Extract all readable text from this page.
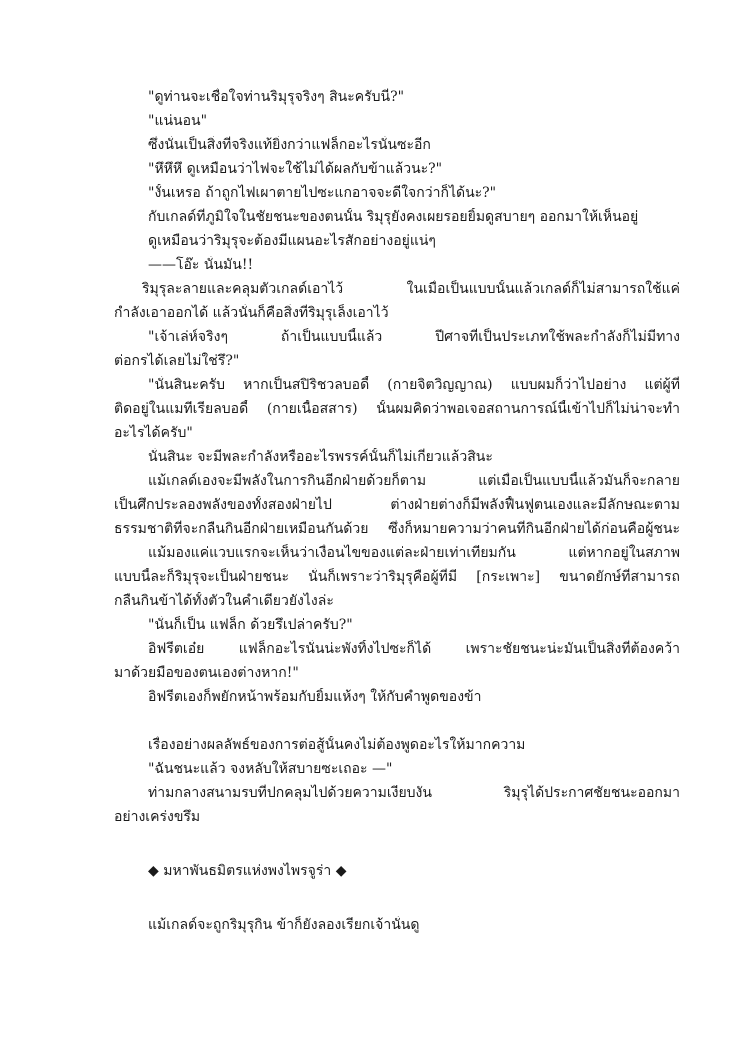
"ดูท่านจะเชื่อใจท่านริมุรุจริงๆ สินะครับนี่?"
"แน่นอน"
ซึ่งนั่นเป็นสิ่งที่จริงแท้ยิ่งกว่าแฟล็กอะไรนั่นซะอีก
"หึหึหึ ดูเหมือนว่าไฟจะใช้ไม่ได้ผลกับข้าแล้วนะ?"
"งั้นเหรอ ถ้าถูกไฟเผาตายไปซะแกอาจจะดีใจกว่าก็ได้นะ?"
กับเกลด์ที่ภูมิใจในชัยชนะของตนนั้น ริมุรุยังคงเผยรอยยิ้มดูสบายๆ ออกมาให้เห็นอยู่
ดูเหมือนว่าริมุรุจะต้องมีแผนอะไรสักอย่างอยู่แน่ๆ
——โอ๊ะ นั่นมัน!!
ริมุรุละลายและคลุมตัวเกลด์เอาไว้ ในเมื่อเป็นแบบนั้นแล้วเกลด์ก็ไม่สามารถใช้แค่
กำลังเอาออกได้ แล้วนั่นก็คือสิ่งที่ริมุรุเล็งเอาไว้
"เจ้าเล่ห์จริงๆ ถ้าเป็นแบบนี้แล้ว ปีศาจที่เป็นประเภทใช้พละกำลังก็ไม่มีทาง
ต่อกรได้เลยไม่ใช่รึ?"
"นั่นสินะครับ หากเป็นสปิริชวลบอดี้ (กายจิตวิญญาณ) แบบผมก็ว่าไปอย่าง แต่ผู้ที่
ติดอยู่ในแมทีเรียลบอดี้ (กายเนื้อสสาร) นั้นผมคิดว่าพอเจอสถานการณ์นี้เข้าไปก็ไม่น่าจะทำ
อะไรได้ครับ"
นั่นสินะ จะมีพละกำลังหรืออะไรพรรค์นั้นก็ไม่เกี่ยวแล้วสินะ
แม้เกลด์เองจะมีพลังในการกินอีกฝ่ายด้วยก็ตาม แต่เมื่อเป็นแบบนี้แล้วมันก็จะกลาย
เป็นศึกประลองพลังของทั้งสองฝ่ายไป ต่างฝ่ายต่างก็มีพลังฟื้นฟูตนเองและมีลักษณะตาม
ธรรมชาติที่จะกลืนกินอีกฝ่ายเหมือนกันด้วย ซึ่งก็หมายความว่าคนที่กินอีกฝ่ายได้ก่อนคือผู้ชนะ
แม้มองแค่แวบแรกจะเห็นว่าเงื่อนไขของแต่ละฝ่ายเท่าเทียมกัน แต่หากอยู่ในสภาพ
แบบนี้ละก็ริมุรุจะเป็นฝ่ายชนะ นั่นก็เพราะว่าริมุรุคือผู้ที่มี [กระเพาะ] ขนาดยักษ์ที่สามารถ
กลืนกินข้าได้ทั้งตัวในคำเดียวยังไงล่ะ
"นั่นก็เป็น แฟล็ก ด้วยรึเปล่าครับ?"
อิฟรีตเอ๋ย แฟล็กอะไรนั่นน่ะพังทิ้งไปซะก็ได้ เพราะชัยชนะน่ะมันเป็นสิ่งที่ต้องคว้า
มาด้วยมือของตนเองต่างหาก!"
อิฟรีตเองก็พยักหน้าพร้อมกับยิ้มแห้งๆ ให้กับคำพูดของข้า
เรื่องอย่างผลลัพธ์ของการต่อสู้นั้นคงไม่ต้องพูดอะไรให้มากความ
"ฉันชนะแล้ว จงหลับให้สบายซะเถอะ —"
ท่ามกลางสนามรบที่ปกคลุมไปด้วยความเงียบงัน ริมุรุได้ประกาศชัยชนะออกมา
อย่างเคร่งขรึม
◆ มหาพันธมิตรแห่งพงไพรจูร่า ◆
แม้เกลด์จะถูกริมุรุกิน ข้าก็ยังลองเรียกเจ้านั่นดู
